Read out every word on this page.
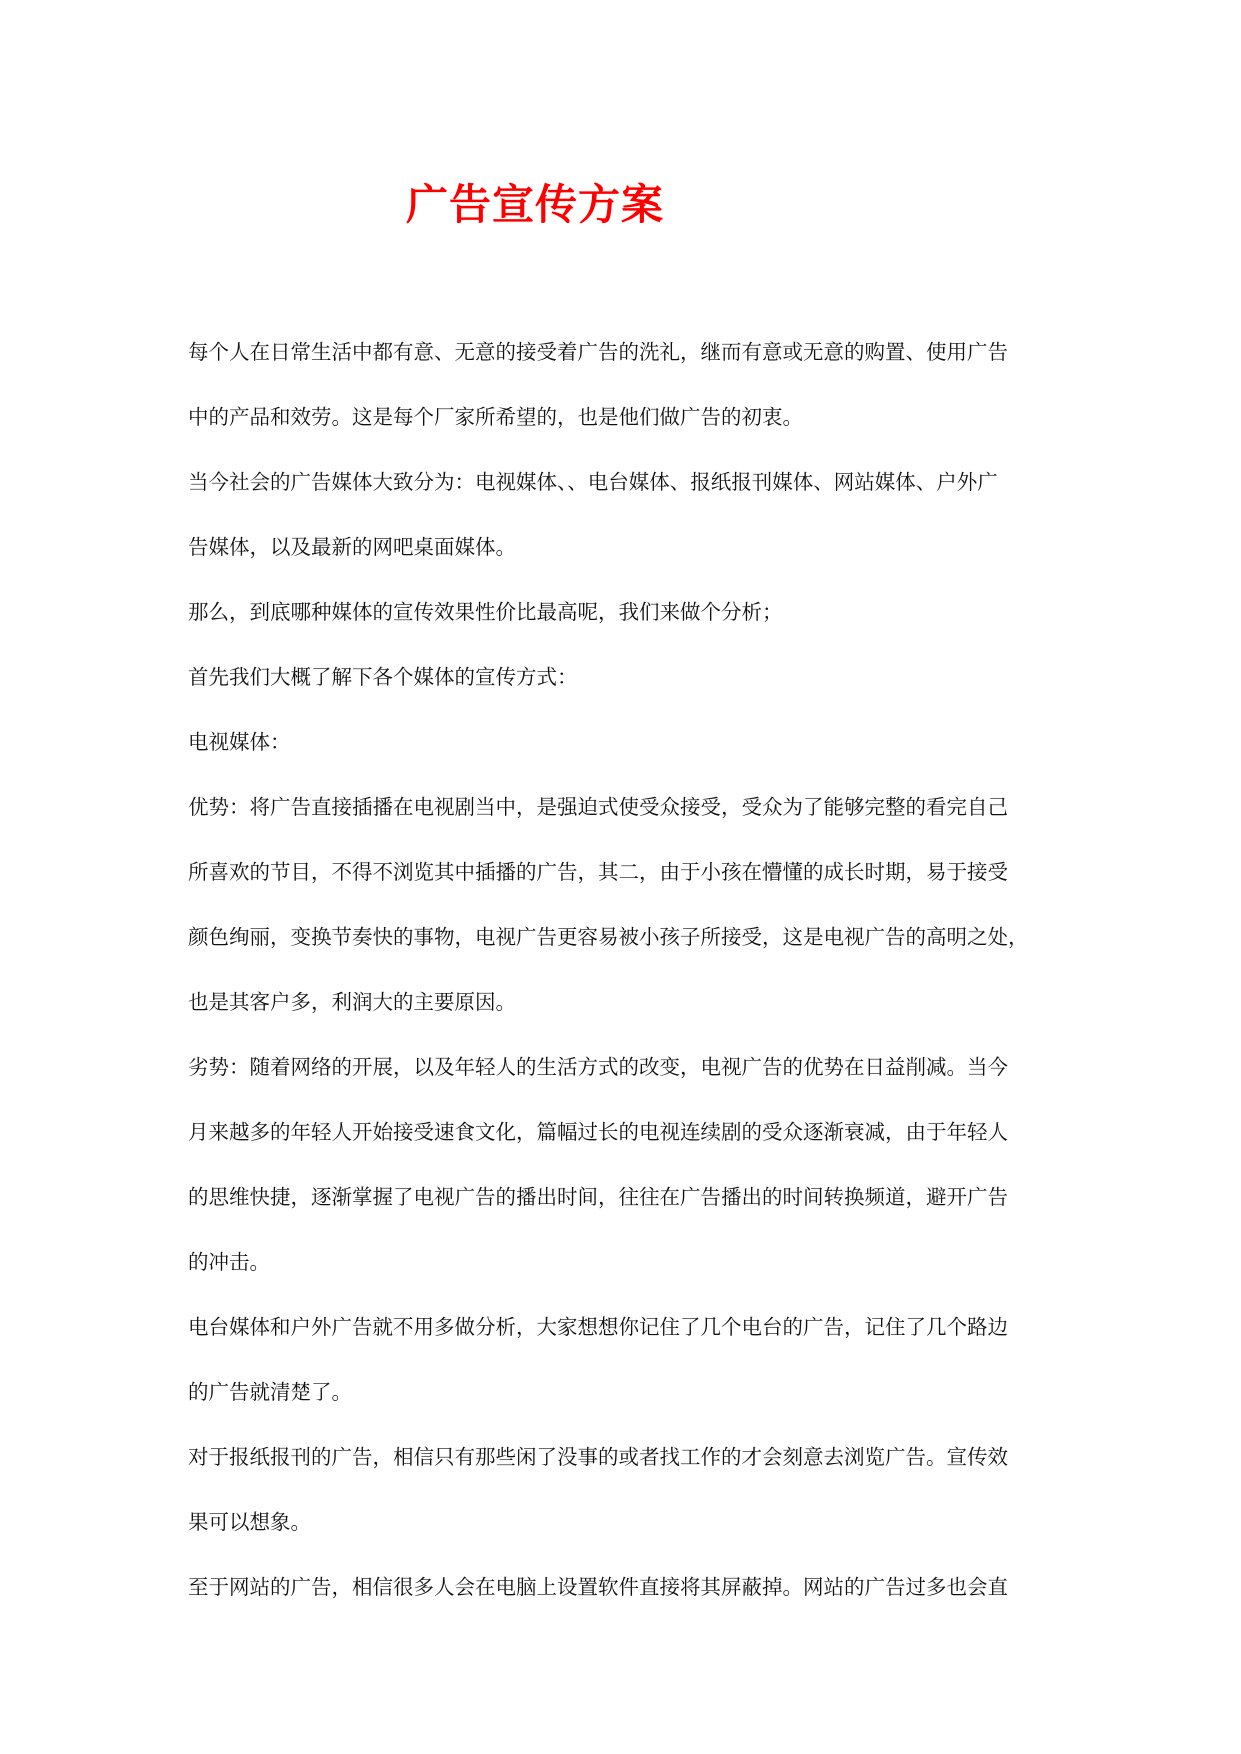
广告宣传方案
每个人在日常生活中都有意、无意的接受着广告的洗礼，继而有意或无意的购置、使用广告
中的产品和效劳。这是每个厂家所希望的，也是他们做广告的初衷。
当今社会的广告媒体大致分为：电视媒体、、电台媒体、报纸报刊媒体、网站媒体、户外广
告媒体，以及最新的网吧桌面媒体。
那么，到底哪种媒体的宣传效果性价比最高呢，我们来做个分析；
首先我们大概了解下各个媒体的宣传方式：
电视媒体：
优势：将广告直接插播在电视剧当中，是强迫式使受众接受，受众为了能够完整的看完自己
所喜欢的节目，不得不浏览其中插播的广告，其二，由于小孩在懵懂的成长时期，易于接受
颜色绚丽，变换节奏快的事物，电视广告更容易被小孩子所接受，这是电视广告的高明之处，
也是其客户多，利润大的主要原因。
劣势：随着网络的开展，以及年轻人的生活方式的改变，电视广告的优势在日益削减。当今
月来越多的年轻人开始接受速食文化，篇幅过长的电视连续剧的受众逐渐衰减，由于年轻人
的思维快捷，逐渐掌握了电视广告的播出时间，往往在广告播出的时间转换频道，避开广告
的冲击。
电台媒体和户外广告就不用多做分析，大家想想你记住了几个电台的广告，记住了几个路边
的广告就清楚了。
对于报纸报刊的广告，相信只有那些闲了没事的或者找工作的才会刻意去浏览广告。宣传效
果可以想象。
至于网站的广告，相信很多人会在电脑上设置软件直接将其屏蔽掉。网站的广告过多也会直
